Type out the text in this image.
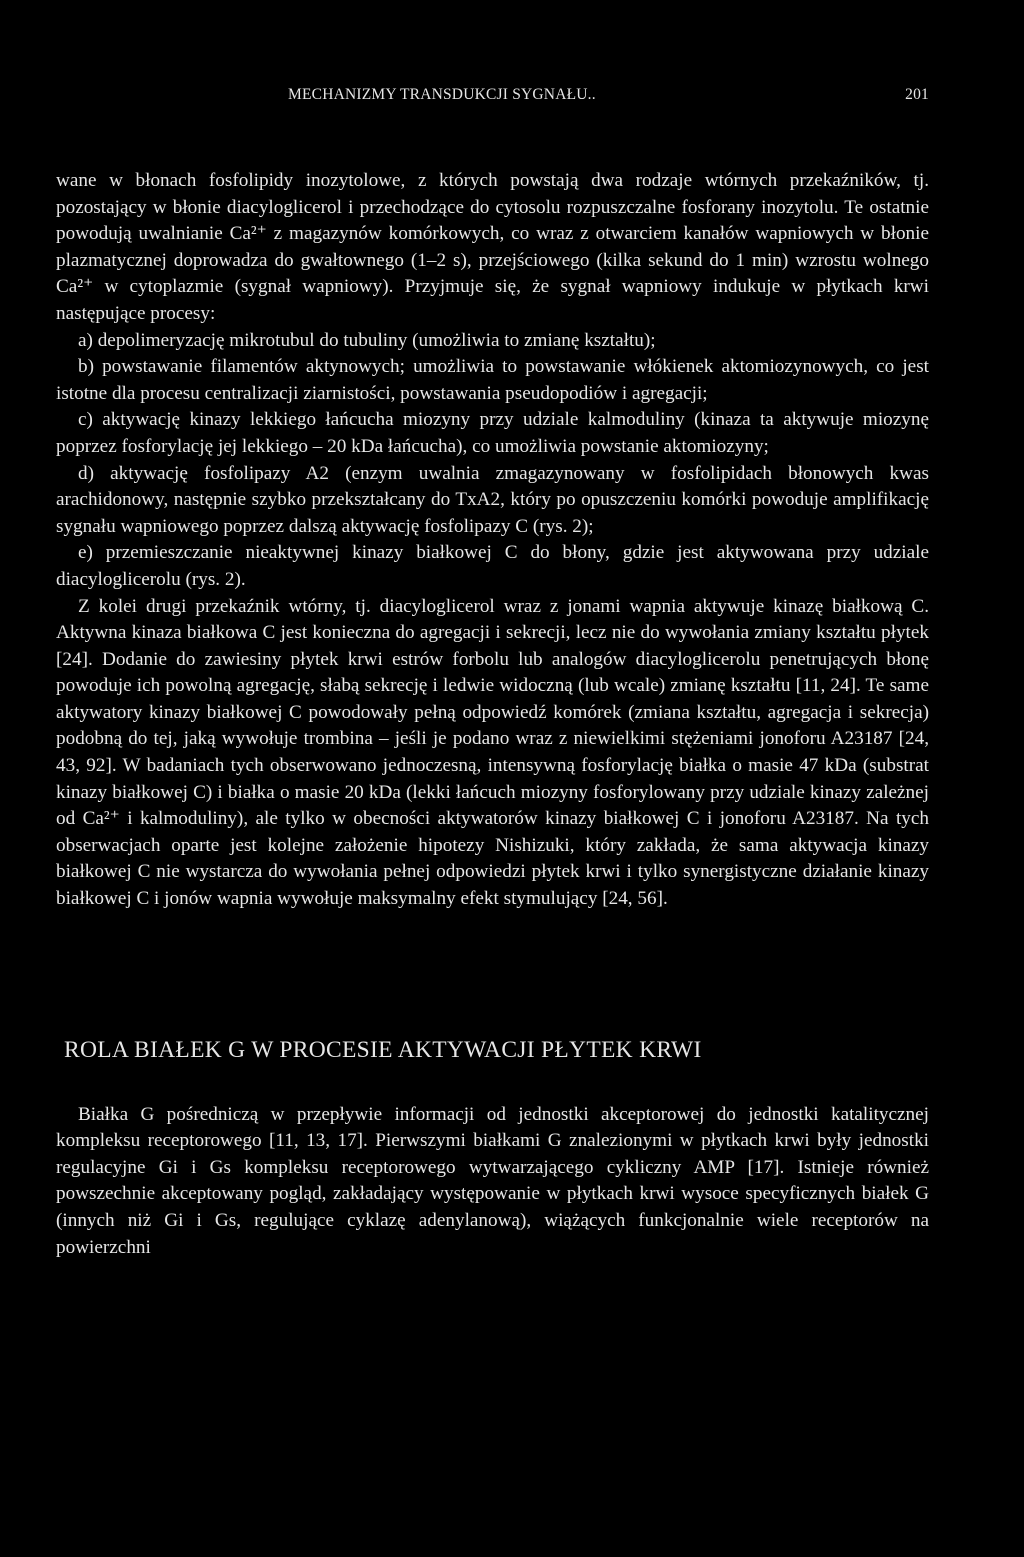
MECHANIZMY TRANSDUKCJI SYGNAŁU..	201

wane w błonach fosfolipidy inozytolowe, z których powstają dwa rodzaje wtórnych przekaźników, tj. pozostający w błonie diacyloglicerol i przechodzące do cytosolu rozpuszczalne fosforany inozytolu. Te ostatnie powodują uwalnianie Ca²⁺ z magazynów komórkowych, co wraz z otwarciem kanałów wapniowych w błonie plazmatycznej doprowadza do gwałtownego (1–2 s), przejściowego (kilka sekund do 1 min) wzrostu wolnego Ca²⁺ w cytoplazmie (sygnał wapniowy). Przyjmuje się, że sygnał wapniowy indukuje w płytkach krwi następujące procesy:

a) depolimeryzację mikrotubul do tubuliny (umożliwia to zmianę kształtu);

b) powstawanie filamentów aktynowych; umożliwia to powstawanie włókienek aktomiozynowych, co jest istotne dla procesu centralizacji ziarnistości, powstawania pseudopodiów i agregacji;

c) aktywację kinazy lekkiego łańcucha miozyny przy udziale kalmoduliny (kinaza ta aktywuje miozynę poprzez fosforylację jej lekkiego – 20 kDa łańcucha), co umożliwia powstanie aktomiozyny;

d) aktywację fosfolipazy A2 (enzym uwalnia zmagazynowany w fosfolipidach błonowych kwas arachidonowy, następnie szybko przekształcany do TxA2, który po opuszczeniu komórki powoduje amplifikację sygnału wapniowego poprzez dalszą aktywację fosfolipazy C (rys. 2);

e) przemieszczanie nieaktywnej kinazy białkowej C do błony, gdzie jest aktywowana przy udziale diacyloglicerolu (rys. 2).

Z kolei drugi przekaźnik wtórny, tj. diacyloglicerol wraz z jonami wapnia aktywuje kinazę białkową C. Aktywna kinaza białkowa C jest konieczna do agregacji i sekrecji, lecz nie do wywołania zmiany kształtu płytek [24]. Dodanie do zawiesiny płytek krwi estrów forbolu lub analogów diacyloglicerolu penetrujących błonę powoduje ich powolną agregację, słabą sekrecję i ledwie widoczną (lub wcale) zmianę kształtu [11, 24]. Te same aktywatory kinazy białkowej C powodowały pełną odpowiedź komórek (zmiana kształtu, agregacja i sekrecja) podobną do tej, jaką wywołuje trombina – jeśli je podano wraz z niewielkimi stężeniami jonoforu A23187 [24, 43, 92]. W badaniach tych obserwowano jednoczesną, intensywną fosforylację białka o masie 47 kDa (substrat kinazy białkowej C) i białka o masie 20 kDa (lekki łańcuch miozyny fosforylowany przy udziale kinazy zależnej od Ca²⁺ i kalmoduliny), ale tylko w obecności aktywatorów kinazy białkowej C i jonoforu A23187. Na tych obserwacjach oparte jest kolejne założenie hipotezy Nishizuki, który zakłada, że sama aktywacja kinazy białkowej C nie wystarcza do wywołania pełnej odpowiedzi płytek krwi i tylko synergistyczne działanie kinazy białkowej C i jonów wapnia wywołuje maksymalny efekt stymulujący [24, 56].

ROLA BIAŁEK G W PROCESIE AKTYWACJI PŁYTEK KRWI

Białka G pośredniczą w przepływie informacji od jednostki akceptorowej do jednostki katalitycznej kompleksu receptorowego [11, 13, 17]. Pierwszymi białkami G znalezionymi w płytkach krwi były jednostki regulacyjne Gi i Gs kompleksu receptorowego wytwarzającego cykliczny AMP [17]. Istnieje również powszechnie akceptowany pogląd, zakładający występowanie w płytkach krwi wysoce specyficznych białek G (innych niż Gi i Gs, regulujące cyklazę adenylanową), wiążących funkcjonalnie wiele receptorów na powierzchni
